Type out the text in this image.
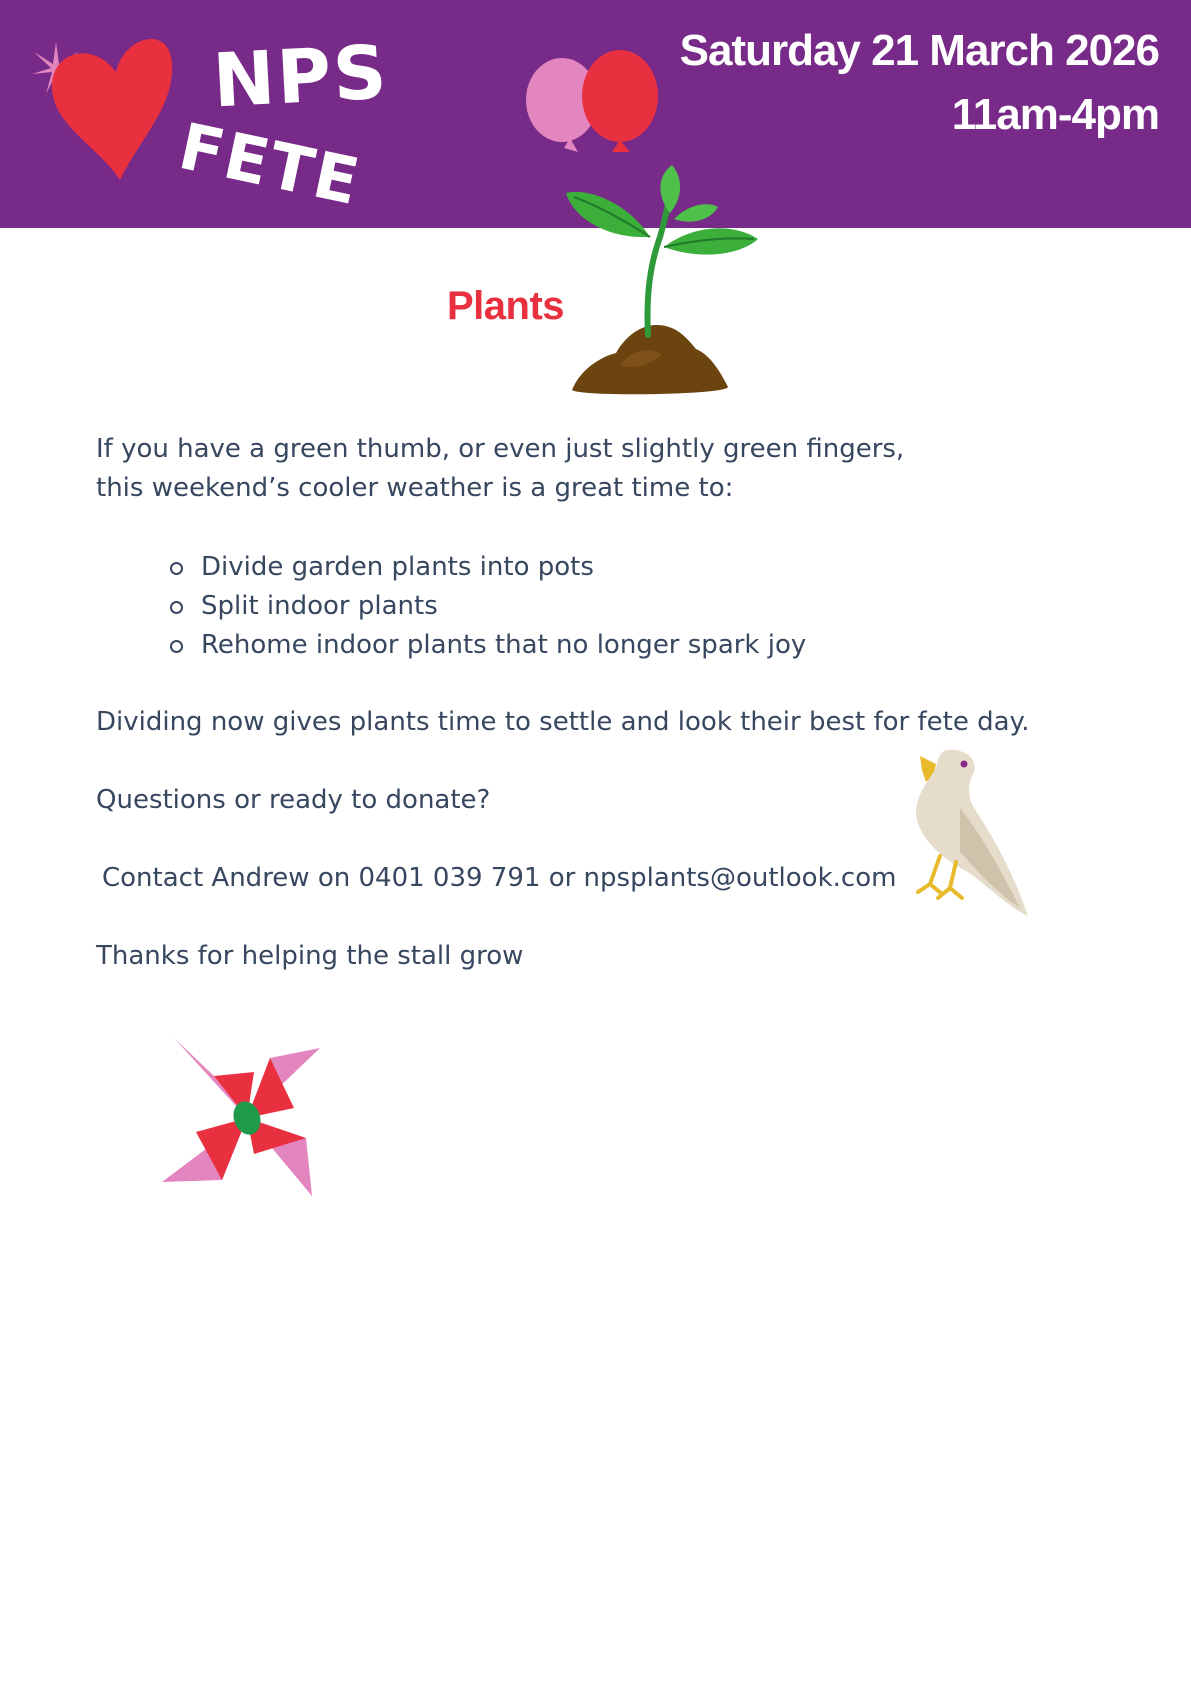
NPS
FETE
Saturday 21 March 2026
11am-4pm
Plants
If you have a green thumb, or even just slightly green fingers,
this weekend’s cooler weather is a great time to:
Divide garden plants into pots
Split indoor plants
Rehome indoor plants that no longer spark joy
Dividing now gives plants time to settle and look their best for fete day.
Questions or ready to donate?
Contact Andrew on 0401 039 791 or npsplants@outlook.com
Thanks for helping the stall grow
